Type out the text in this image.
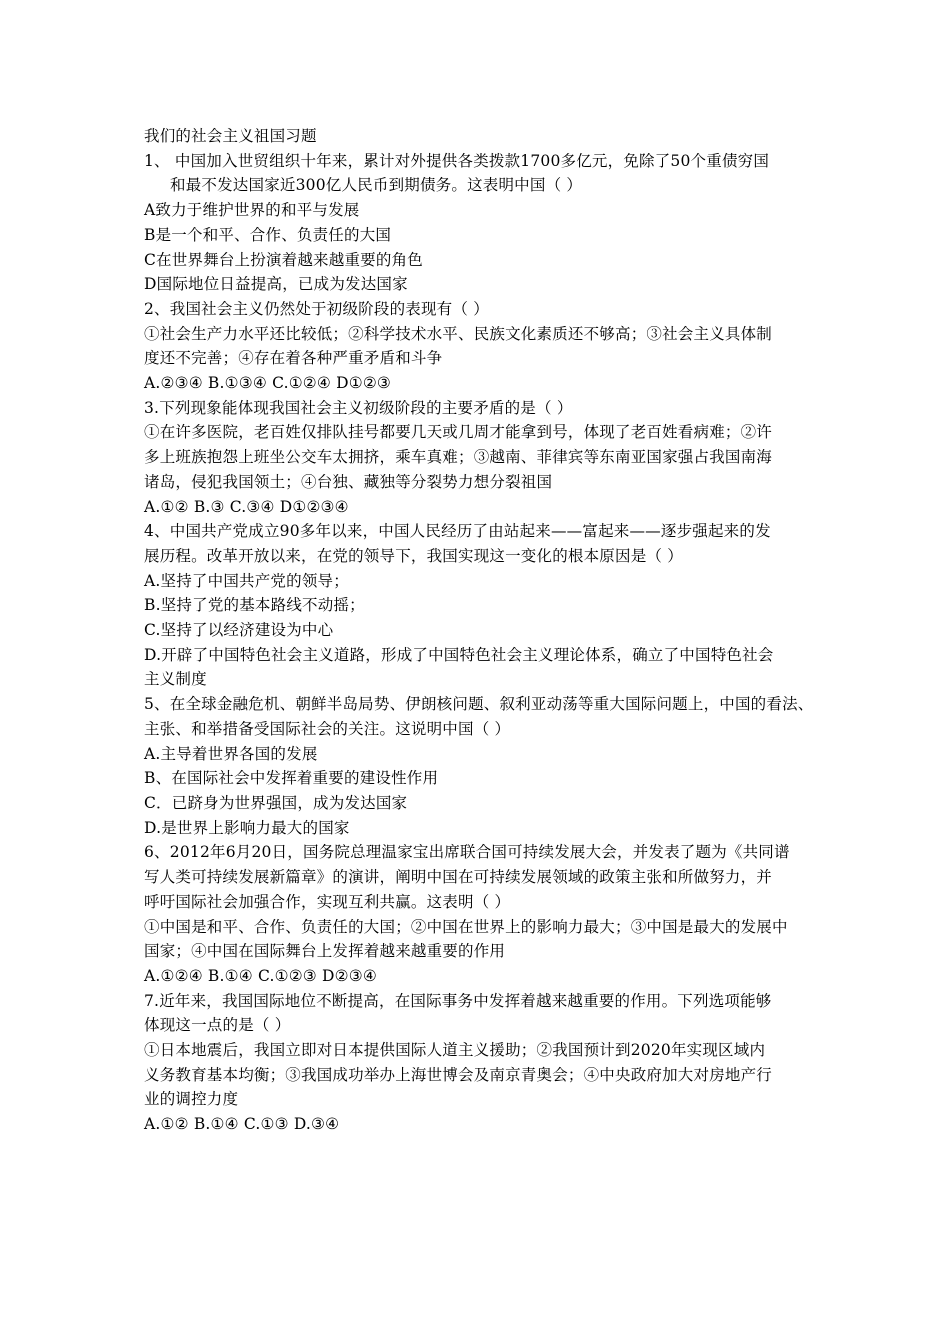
我们的社会主义祖国习题
1、 中国加入世贸组织十年来，累计对外提供各类拨款1700多亿元，免除了50个重债穷国
和最不发达国家近300亿人民币到期债务。这表明中国（ ）
A致力于维护世界的和平与发展
B是一个和平、合作、负责任的大国
C在世界舞台上扮演着越来越重要的角色
D国际地位日益提高，已成为发达国家
2、我国社会主义仍然处于初级阶段的表现有（ ）
①社会生产力水平还比较低；②科学技术水平、民族文化素质还不够高；③社会主义具体制
度还不完善；④存在着各种严重矛盾和斗争
A.②③④ B.①③④ C.①②④ D①②③
3.下列现象能体现我国社会主义初级阶段的主要矛盾的是（ ）
①在许多医院，老百姓仅排队挂号都要几天或几周才能拿到号，体现了老百姓看病难；②许
多上班族抱怨上班坐公交车太拥挤，乘车真难；③越南、菲律宾等东南亚国家强占我国南海
诸岛，侵犯我国领土；④台独、藏独等分裂势力想分裂祖国
A.①② B.③ C.③④ D①②③④
4、中国共产党成立90多年以来，中国人民经历了由站起来——富起来——逐步强起来的发
展历程。改革开放以来，在党的领导下，我国实现这一变化的根本原因是（ ）
A.坚持了中国共产党的领导；
B.坚持了党的基本路线不动摇；
C.坚持了以经济建设为中心
D.开辟了中国特色社会主义道路，形成了中国特色社会主义理论体系，确立了中国特色社会
主义制度
5、在全球金融危机、朝鲜半岛局势、伊朗核问题、叙利亚动荡等重大国际问题上，中国的看法、
主张、和举措备受国际社会的关注。这说明中国（ ）
A.主导着世界各国的发展
B、在国际社会中发挥着重要的建设性作用
C．已跻身为世界强国，成为发达国家
D.是世界上影响力最大的国家
6、2012年6月20日，国务院总理温家宝出席联合国可持续发展大会，并发表了题为《共同谱
写人类可持续发展新篇章》的演讲，阐明中国在可持续发展领域的政策主张和所做努力，并
呼吁国际社会加强合作，实现互利共赢。这表明（ ）
①中国是和平、合作、负责任的大国；②中国在世界上的影响力最大；③中国是最大的发展中
国家；④中国在国际舞台上发挥着越来越重要的作用
A.①②④ B.①④ C.①②③ D②③④
7.近年来，我国国际地位不断提高，在国际事务中发挥着越来越重要的作用。下列选项能够
体现这一点的是（ ）
①日本地震后，我国立即对日本提供国际人道主义援助；②我国预计到2020年实现区域内
义务教育基本均衡；③我国成功举办上海世博会及南京青奥会；④中央政府加大对房地产行
业的调控力度
A.①② B.①④ C.①③ D.③④
